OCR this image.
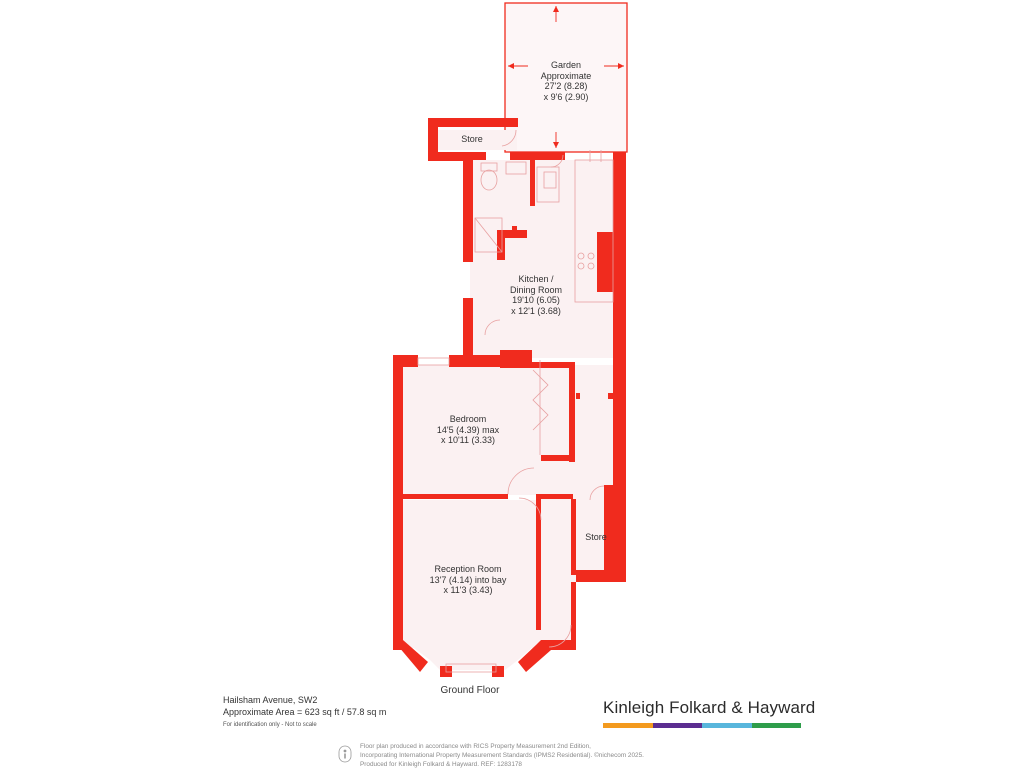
Garden
Approximate
27'2 (8.28)
x 9'6 (2.90)
Store
Kitchen /
Dining Room
19'10 (6.05)
x 12'1 (3.68)
Bedroom
14'5 (4.39) max
x 10'11 (3.33)
Store
Reception Room
13'7 (4.14) into bay
x 11'3 (3.43)
Ground Floor
Hailsham Avenue, SW2
Approximate Area = 623 sq ft / 57.8 sq m
For identification only - Not to scale
Kinleigh Folkard & Hayward
Floor plan produced in accordance with RICS Property Measurement 2nd Edition,
Incorporating International Property Measurement Standards (IPMS2 Residential). ©nichecom 2025.
Produced for Kinleigh Folkard & Hayward. REF: 1283178
